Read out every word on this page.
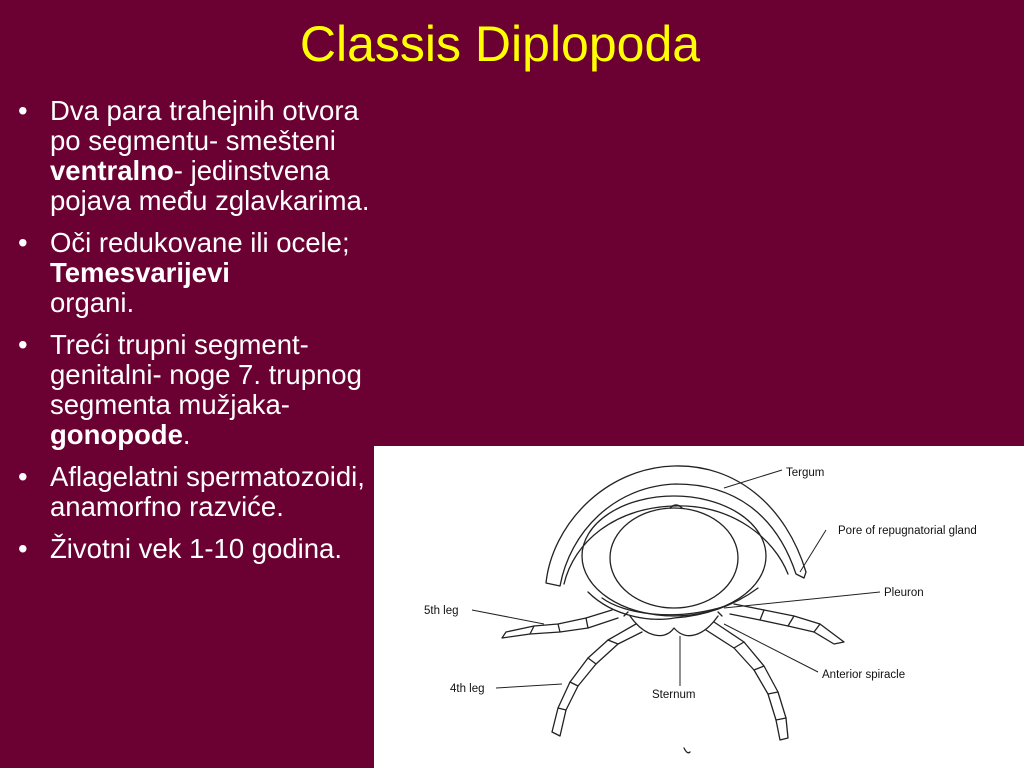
Classis Diplopoda
• Dva para trahejnih otvora po segmentu- smešteni ventralno- jedinstvena pojava među zglavkarima.
• Oči redukovane ili ocele;
Temesvarijevi
organi.
• Treći trupni segment- genitalni- noge 7. trupnog segmenta mužjaka- gonopode.
• Aflagelatni spermatozoidi, anamorfno razviće.
• Životni vek 1-10 godina.
Tergum
Pore of repugnatorial gland
Pleuron
5th leg
4th leg	Sternum
Anterior spiracle
